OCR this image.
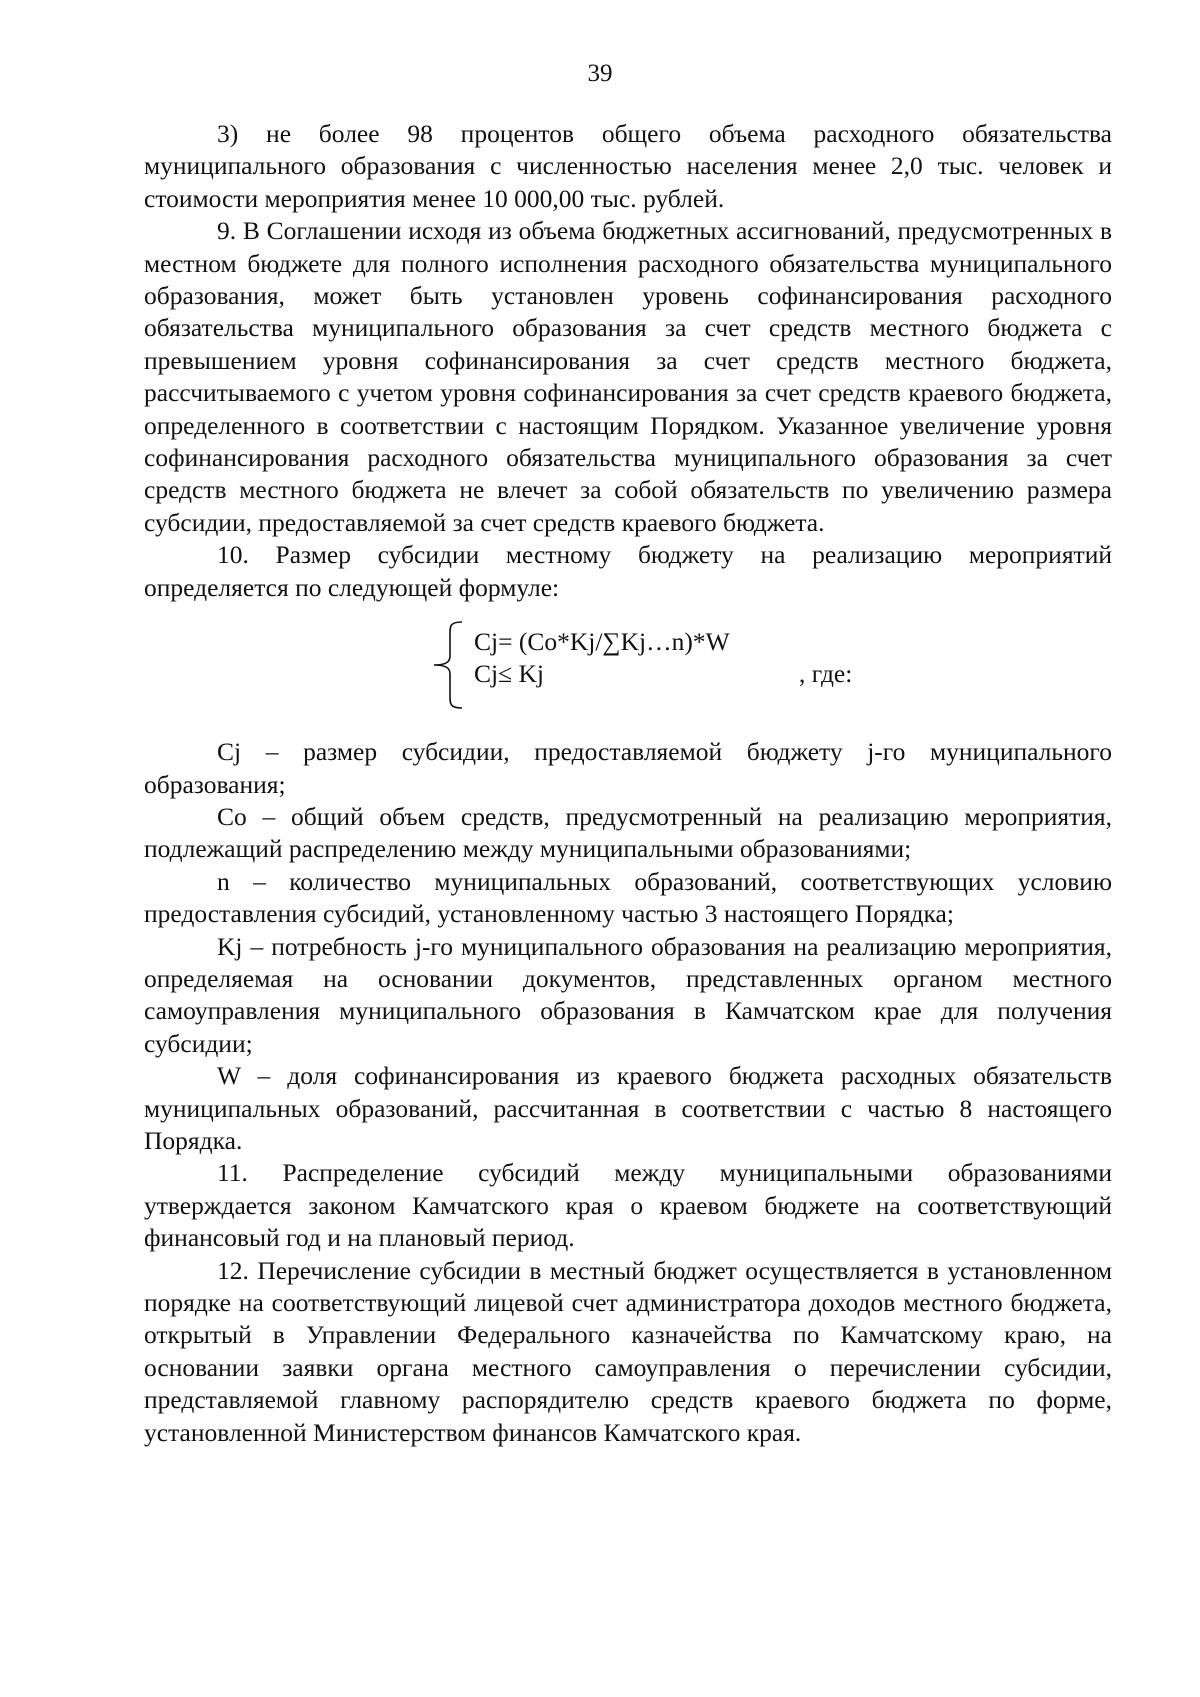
39

3) не более 98 процентов общего объема расходного обязательства муниципального образования с численностью населения менее 2,0 тыс. человек и стоимости мероприятия менее 10 000,00 тыс. рублей.

9. В Соглашении исходя из объема бюджетных ассигнований, предусмотренных в местном бюджете для полного исполнения расходного обязательства муниципального образования, может быть установлен уровень софинансирования расходного обязательства муниципального образования за счет средств местного бюджета с превышением уровня софинансирования за счет средств местного бюджета, рассчитываемого с учетом уровня софинансирования за счет средств краевого бюджета, определенного в соответствии с настоящим Порядком. Указанное увеличение уровня софинансирования расходного обязательства муниципального образования за счет средств местного бюджета не влечет за собой обязательств по увеличению размера субсидии, предоставляемой за счет средств краевого бюджета.

10. Размер субсидии местному бюджету на реализацию мероприятий определяется по следующей формуле:

Cj= (Co*Kj/∑Kj…n)*W
Cj≤ Kj	, где:

Cj – размер субсидии, предоставляемой бюджету j-го муниципального образования;

Co – общий объем средств, предусмотренный на реализацию мероприятия, подлежащий распределению между муниципальными образованиями;

n – количество муниципальных образований, соответствующих условию предоставления субсидий, установленному частью 3 настоящего Порядка;

Kj – потребность j-го муниципального образования на реализацию мероприятия, определяемая на основании документов, представленных органом местного самоуправления муниципального образования в Камчатском крае для получения субсидии;

W – доля софинансирования из краевого бюджета расходных обязательств муниципальных образований, рассчитанная в соответствии с частью 8 настоящего Порядка.

11. Распределение субсидий между муниципальными образованиями утверждается законом Камчатского края о краевом бюджете на соответствующий финансовый год и на плановый период.

12. Перечисление субсидии в местный бюджет осуществляется в установленном порядке на соответствующий лицевой счет администратора доходов местного бюджета, открытый в Управлении Федерального казначейства по Камчатскому краю, на основании заявки органа местного самоуправления о перечислении субсидии, представляемой главному распорядителю средств краевого бюджета по форме, установленной Министерством финансов Камчатского края.
